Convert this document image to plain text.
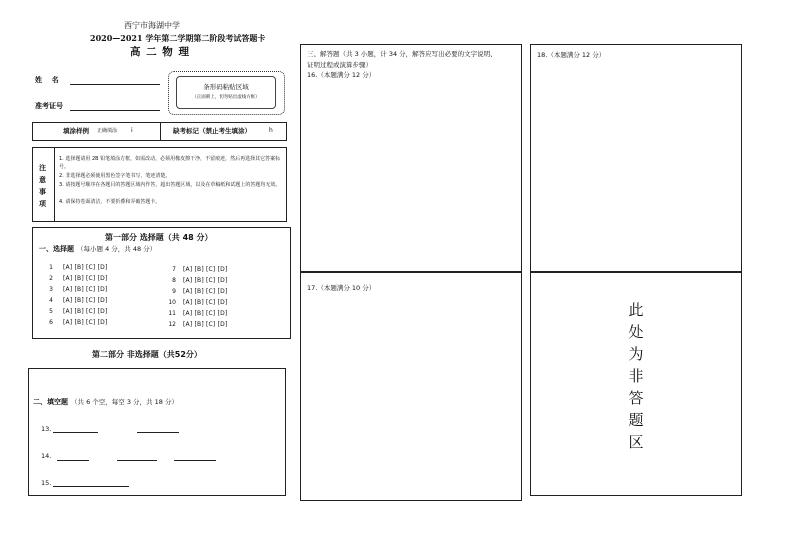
西宁市海湖中学
2020—2021 学年第二学期第二阶段考试答题卡
高 二 物 理
姓    名
准考证号
条形码粘贴区域
（正面朝上，切勿贴出虚线方框）
填涂样例 正确填涂 i	缺考标记（禁止考生填涂）	h
注意事项
1. 选择题请用 2B 铅笔填涂方框，如需改动，必须用橡皮擦干净，不留痕迹，然后再选择其它答案标号。
2. 非选择题必须使用黑色签字笔书写，笔迹清楚。
3. 请按题号顺序在各题目的答题区域内作答，超出答题区域，以及在草稿纸和试题上的答题均无效。
4. 请保持卷面清洁，不要折叠和弄破答题卡。
第一部分 选择题（共 48 分）
一、选择题 （每小题 4 分，共 48 分）
1 [A] [B] [C] [D]
2 [A] [B] [C] [D]
3 [A] [B] [C] [D]
4 [A] [B] [C] [D]
5 [A] [B] [C] [D]
6 [A] [B] [C] [D]
7 [A] [B] [C] [D]
8 [A] [B] [C] [D]
9 [A] [B] [C] [D]
10 [A] [B] [C] [D]
11 [A] [B] [C] [D]
12 [A] [B] [C] [D]
第二部分 非选择题（共52分）
二、填空题 （共 6 个空，每空 3 分，共 18 分）
13.
14.
15.
三、解答题（共 3 小题，计 34 分，解答应写出必要的文字说明、
证明过程或演算步骤）
16.（本题满分 12 分）
17.（本题满分 10 分）
18.（本题满分 12 分）
此
处
为
非
答
题
区
